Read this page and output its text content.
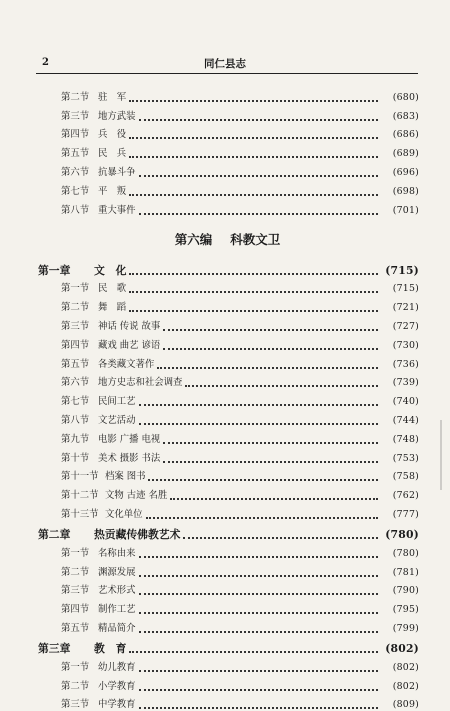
2	同仁县志
第二节 驻　军	(680)
第三节 地方武装	(683)
第四节 兵　役	(686)
第五节 民　兵	(689)
第六节 抗暴斗争	(696)
第七节 平　叛	(698)
第八节 重大事件	(701)
第六编 科教文卫
第一章	文　化	(715)
第一节 民　歌	(715)
第二节 舞　蹈	(721)
第三节 神话 传说 故事	(727)
第四节 藏戏 曲艺 谚语	(730)
第五节 各类藏文著作	(736)
第六节 地方史志和社会调查	(739)
第七节 民间工艺	(740)
第八节 文艺活动	(744)
第九节 电影 广播 电视	(748)
第十节 美术 摄影 书法	(753)
第十一节 档案 图书	(758)
第十二节 文物 古迹 名胜	(762)
第十三节 文化单位	(777)
第二章	热贡藏传佛教艺术	(780)
第一节 名称由来	(780)
第二节 渊源发展	(781)
第三节 艺术形式	(790)
第四节 制作工艺	(795)
第五节 精品简介	(799)
第三章	教　育	(802)
第一节 幼儿教育	(802)
第二节 小学教育	(802)
第三节 中学教育	(809)
